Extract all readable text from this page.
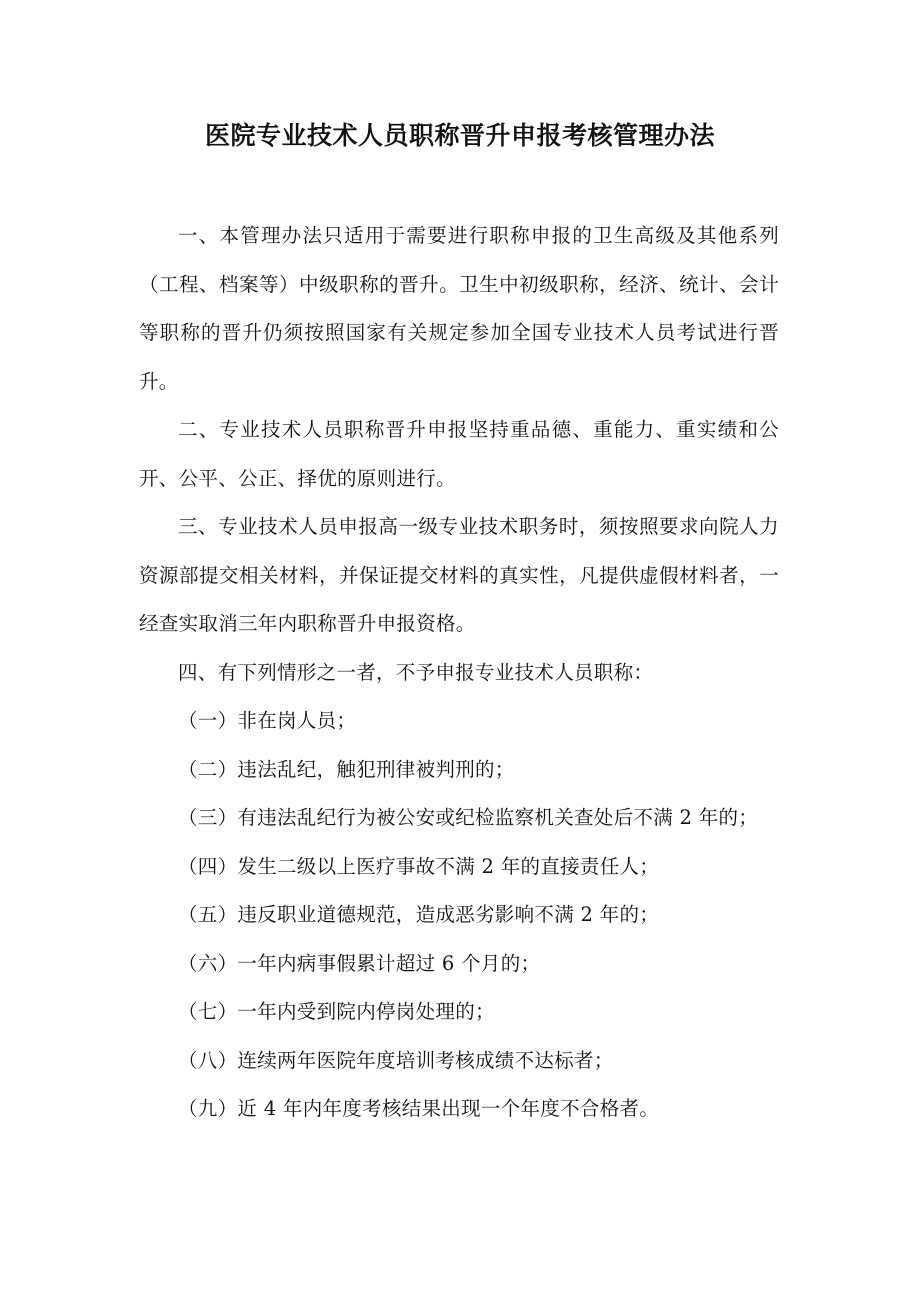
医院专业技术人员职称晋升申报考核管理办法

一、本管理办法只适用于需要进行职称申报的卫生高级及其他系列（工程、档案等）中级职称的晋升。卫生中初级职称，经济、统计、会计等职称的晋升仍须按照国家有关规定参加全国专业技术人员考试进行晋升。

二、专业技术人员职称晋升申报坚持重品德、重能力、重实绩和公开、公平、公正、择优的原则进行。

三、专业技术人员申报高一级专业技术职务时，须按照要求向院人力资源部提交相关材料，并保证提交材料的真实性，凡提供虚假材料者，一经查实取消三年内职称晋升申报资格。

四、有下列情形之一者，不予申报专业技术人员职称：

（一）非在岗人员；

（二）违法乱纪，触犯刑律被判刑的；

（三）有违法乱纪行为被公安或纪检监察机关查处后不满 2 年的；

（四）发生二级以上医疗事故不满 2 年的直接责任人；

（五）违反职业道德规范，造成恶劣影响不满 2 年的；

（六）一年内病事假累计超过 6 个月的；

（七）一年内受到院内停岗处理的；

（八）连续两年医院年度培训考核成绩不达标者；

（九）近 4 年内年度考核结果出现一个年度不合格者。
